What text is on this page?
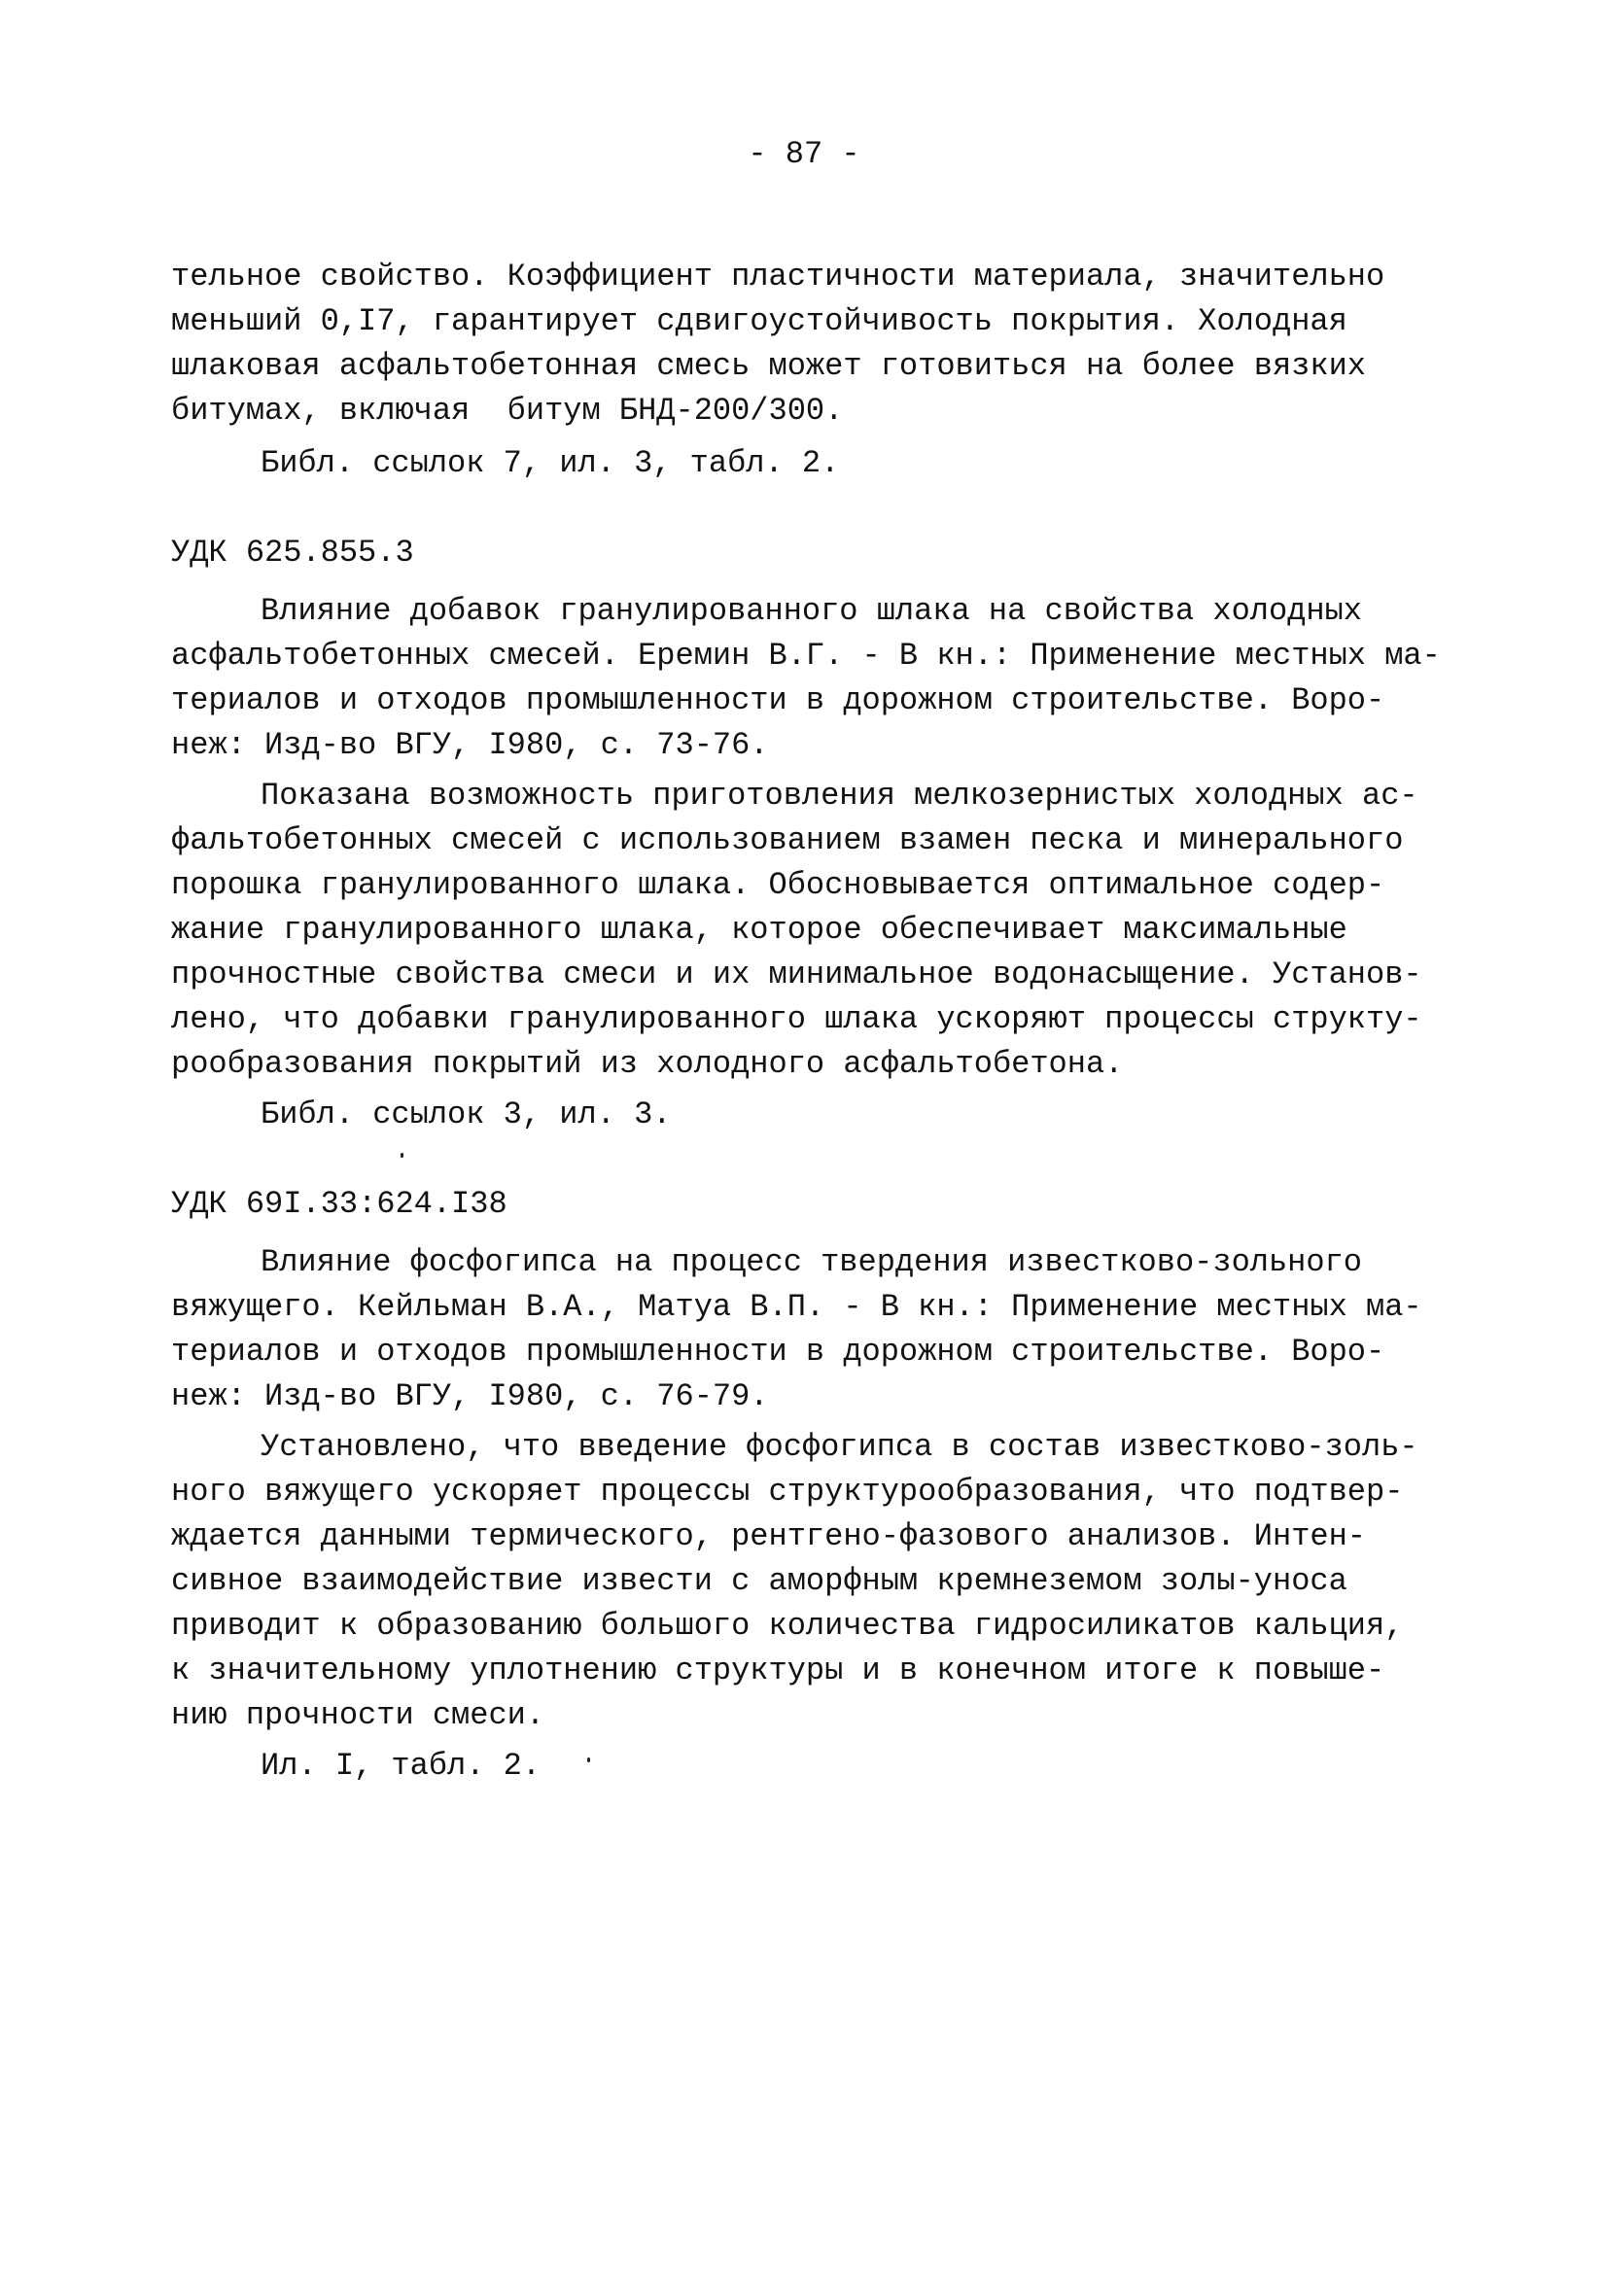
- 87 -
тельное свойство. Коэффициент пластичности материала, значительно
меньший 0,I7, гарантирует сдвигоустойчивость покрытия. Холодная
шлаковая асфальтобетонная смесь может готовиться на более вязких
битумах, включая  битум БНД-200/300.
Библ. ссылок 7, ил. 3, табл. 2.
УДК 625.855.3
Влияние добавок гранулированного шлака на свойства холодных
асфальтобетонных смесей. Еремин В.Г. - В кн.: Применение местных ма-
териалов и отходов промышленности в дорожном строительстве. Воро-
неж: Изд-во ВГУ, I980, с. 73-76.
Показана возможность приготовления мелкозернистых холодных ас-
фальтобетонных смесей с использованием взамен песка и минерального
порошка гранулированного шлака. Обосновывается оптимальное содер-
жание гранулированного шлака, которое обеспечивает максимальные
прочностные свойства смеси и их минимальное водонасыщение. Установ-
лено, что добавки гранулированного шлака ускоряют процессы структу-
рообразования покрытий из холодного асфальтобетона.
Библ. ссылок 3, ил. 3.
УДК 69I.33:624.I38
Влияние фосфогипса на процесс твердения известково-зольного
вяжущего. Кейльман В.А., Матуа В.П. - В кн.: Применение местных ма-
териалов и отходов промышленности в дорожном строительстве. Воро-
неж: Изд-во ВГУ, I980, с. 76-79.
Установлено, что введение фосфогипса в состав известково-золь-
ного вяжущего ускоряет процессы структурообразования, что подтвер-
ждается данными термического, рентгено-фазового анализов. Интен-
сивное взаимодействие извести с аморфным кремнеземом золы-уноса
приводит к образованию большого количества гидросиликатов кальция,
к значительному уплотнению структуры и в конечном итоге к повыше-
нию прочности смеси.
Ил. I, табл. 2.
